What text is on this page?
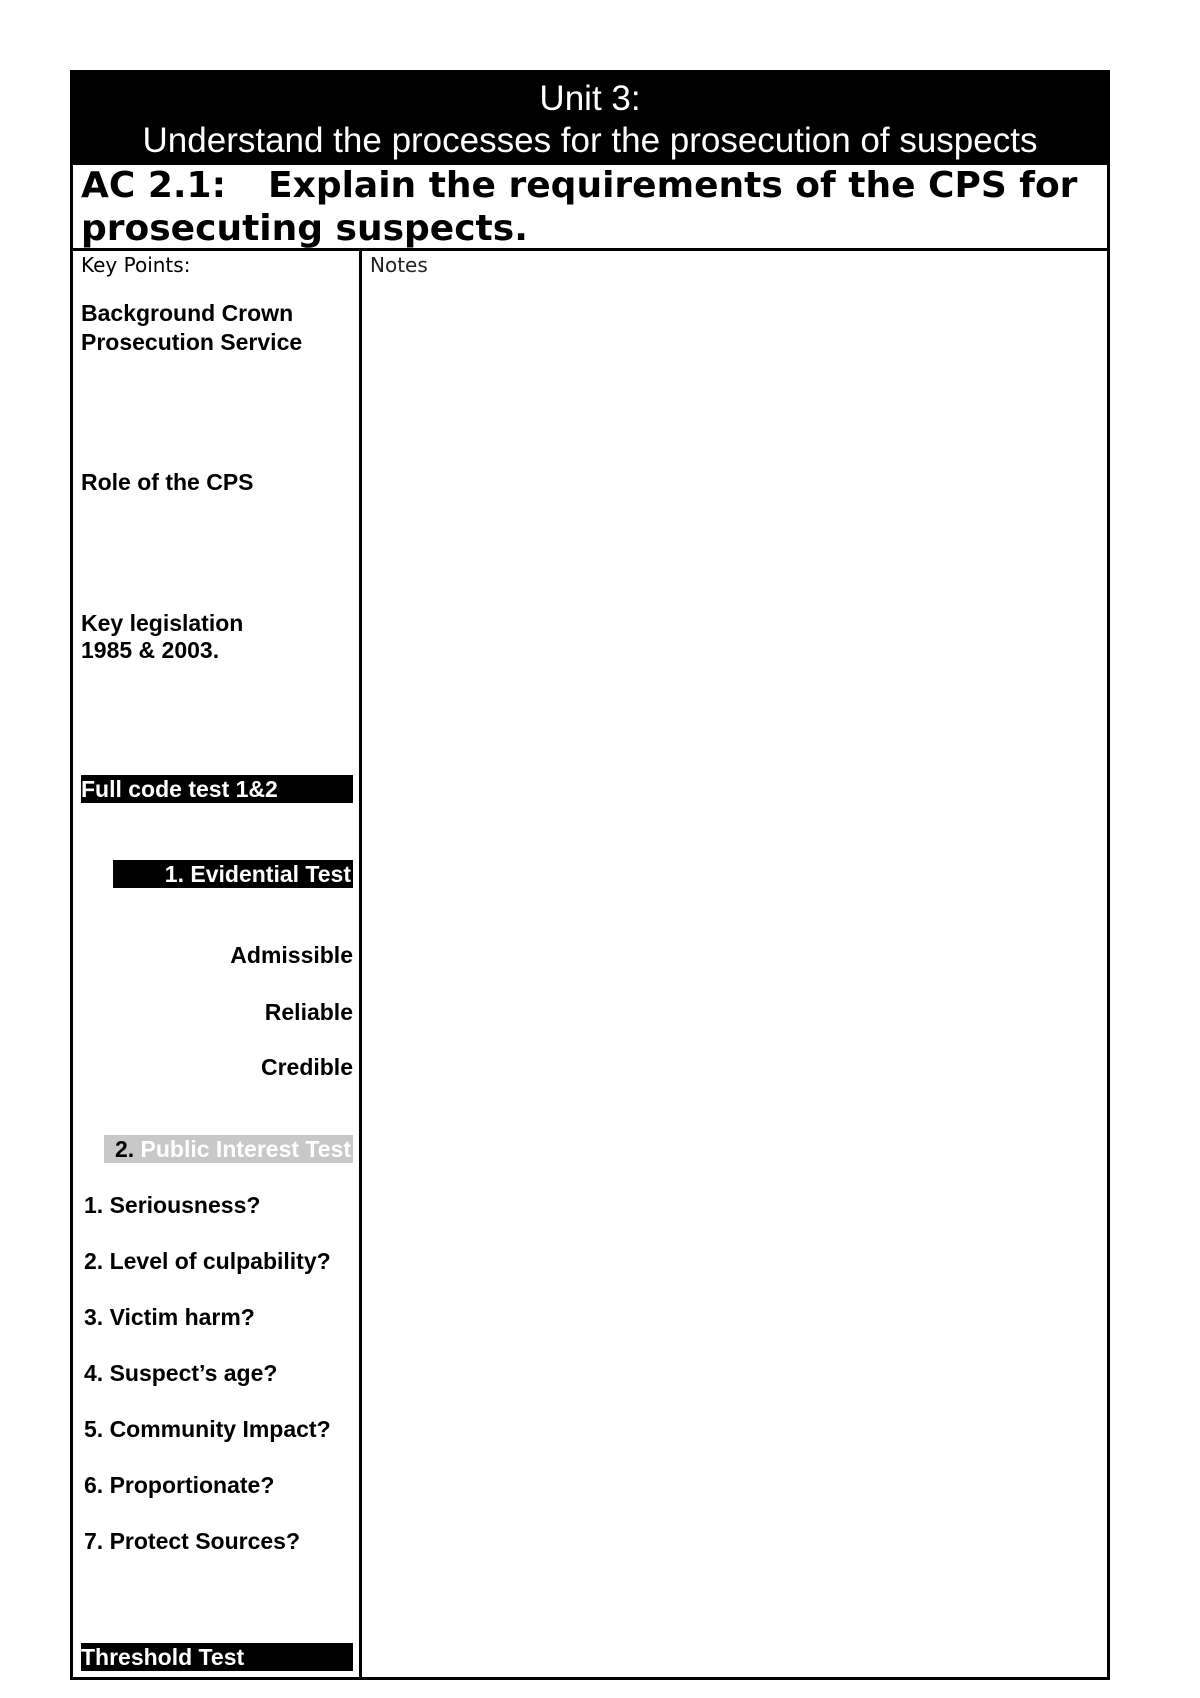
Unit 3:
Understand the processes for the prosecution of suspects
AC 2.1: Explain the requirements of the CPS for
prosecuting suspects.
Key Points:	Notes
Background Crown
Prosecution Service
Role of the CPS
Key legislation
1985 & 2003.
Full code test 1&2
1. Evidential Test
Admissible
Reliable
Credible
2. Public Interest Test
1. Seriousness?
2. Level of culpability?
3. Victim harm?
4. Suspect’s age?
5. Community Impact?
6. Proportionate?
7. Protect Sources?
Threshold Test
